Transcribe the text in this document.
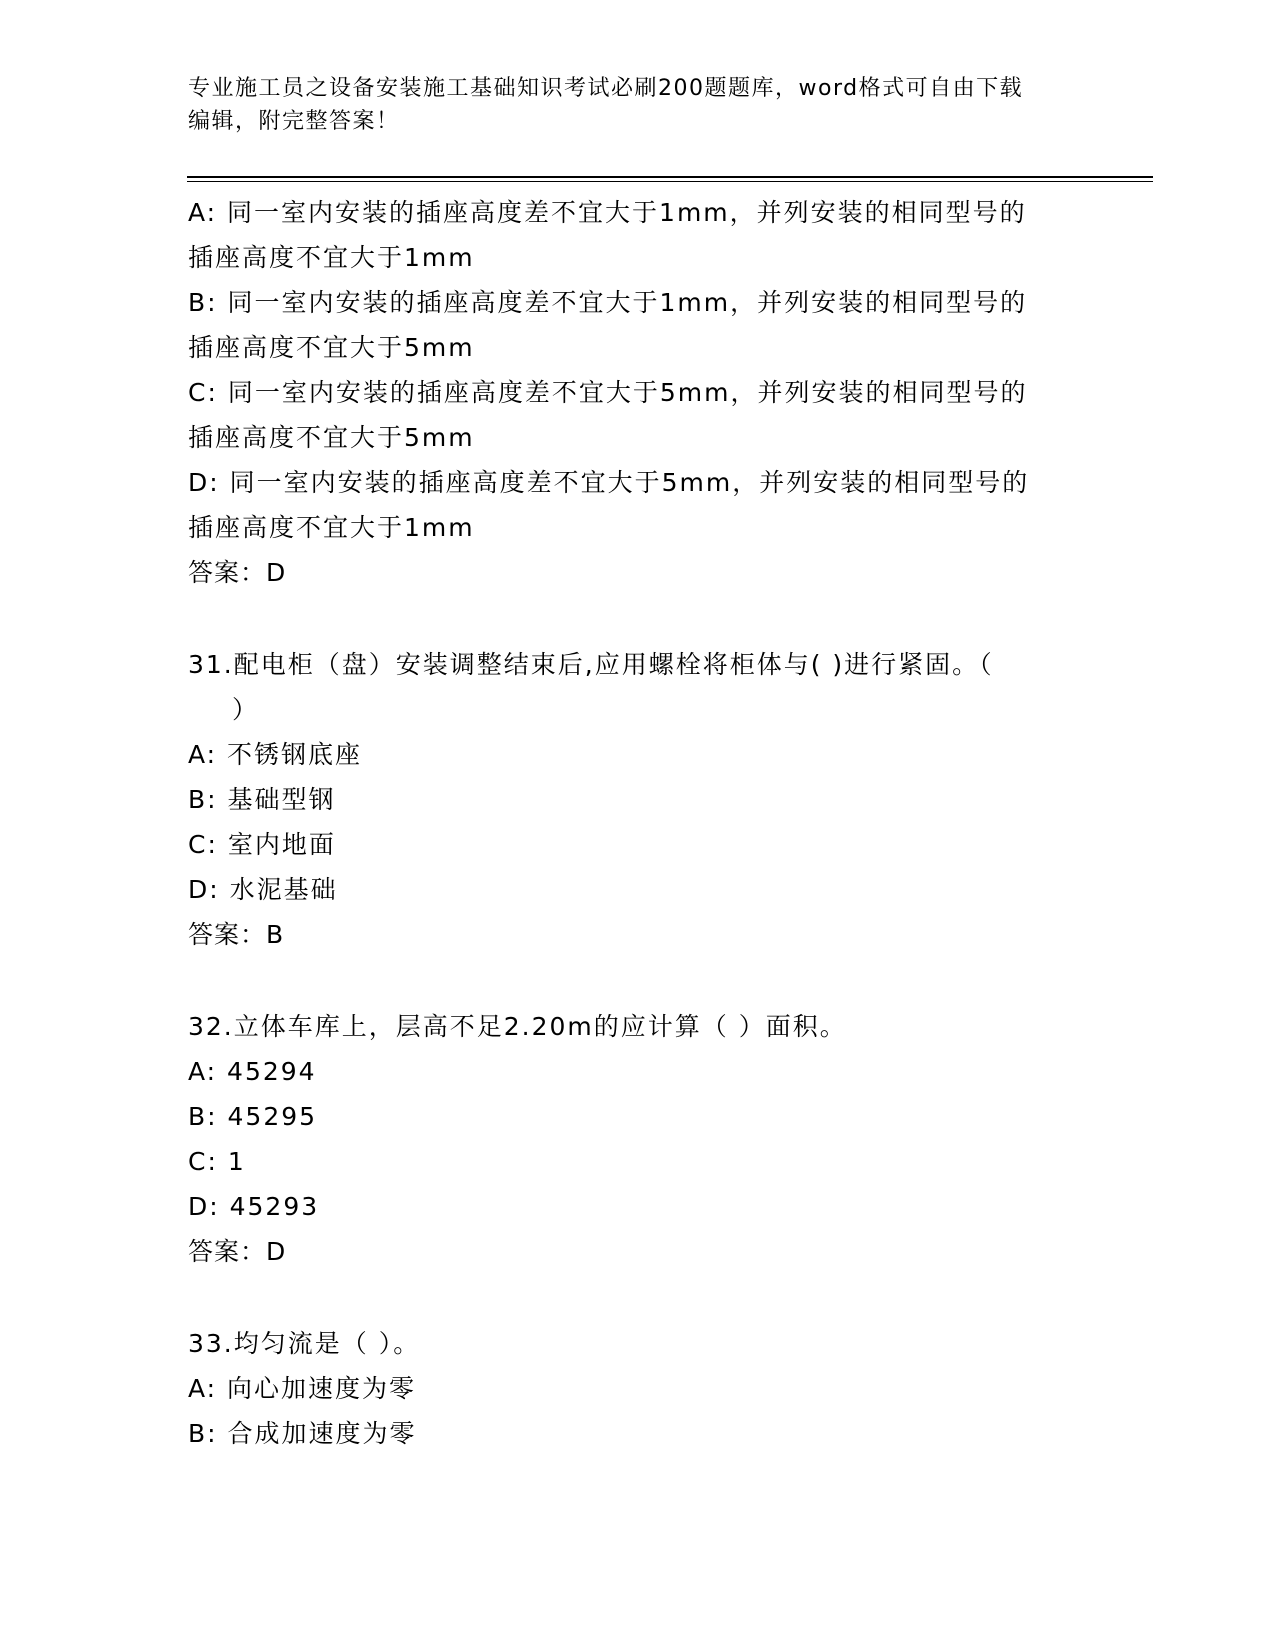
专业施工员之设备安装施工基础知识考试必刷200题题库，word格式可自由下载
编辑，附完整答案！
A: 同一室内安装的插座高度差不宜大于1mm，并列安装的相同型号的
插座高度不宜大于1mm
B: 同一室内安装的插座高度差不宜大于1mm，并列安装的相同型号的
插座高度不宜大于5mm
C: 同一室内安装的插座高度差不宜大于5mm，并列安装的相同型号的
插座高度不宜大于5mm
D: 同一室内安装的插座高度差不宜大于5mm，并列安装的相同型号的
插座高度不宜大于1mm
答案：D
31.配电柜（盘）安装调整结束后,应用螺栓将柜体与( )进行紧固。（
）
A: 不锈钢底座
B: 基础型钢
C: 室内地面
D: 水泥基础
答案：B
32.立体车库上，层高不足2.20m的应计算（ ）面积。
A: 45294
B: 45295
C: 1
D: 45293
答案：D
33.均匀流是（ ）。
A: 向心加速度为零
B: 合成加速度为零
